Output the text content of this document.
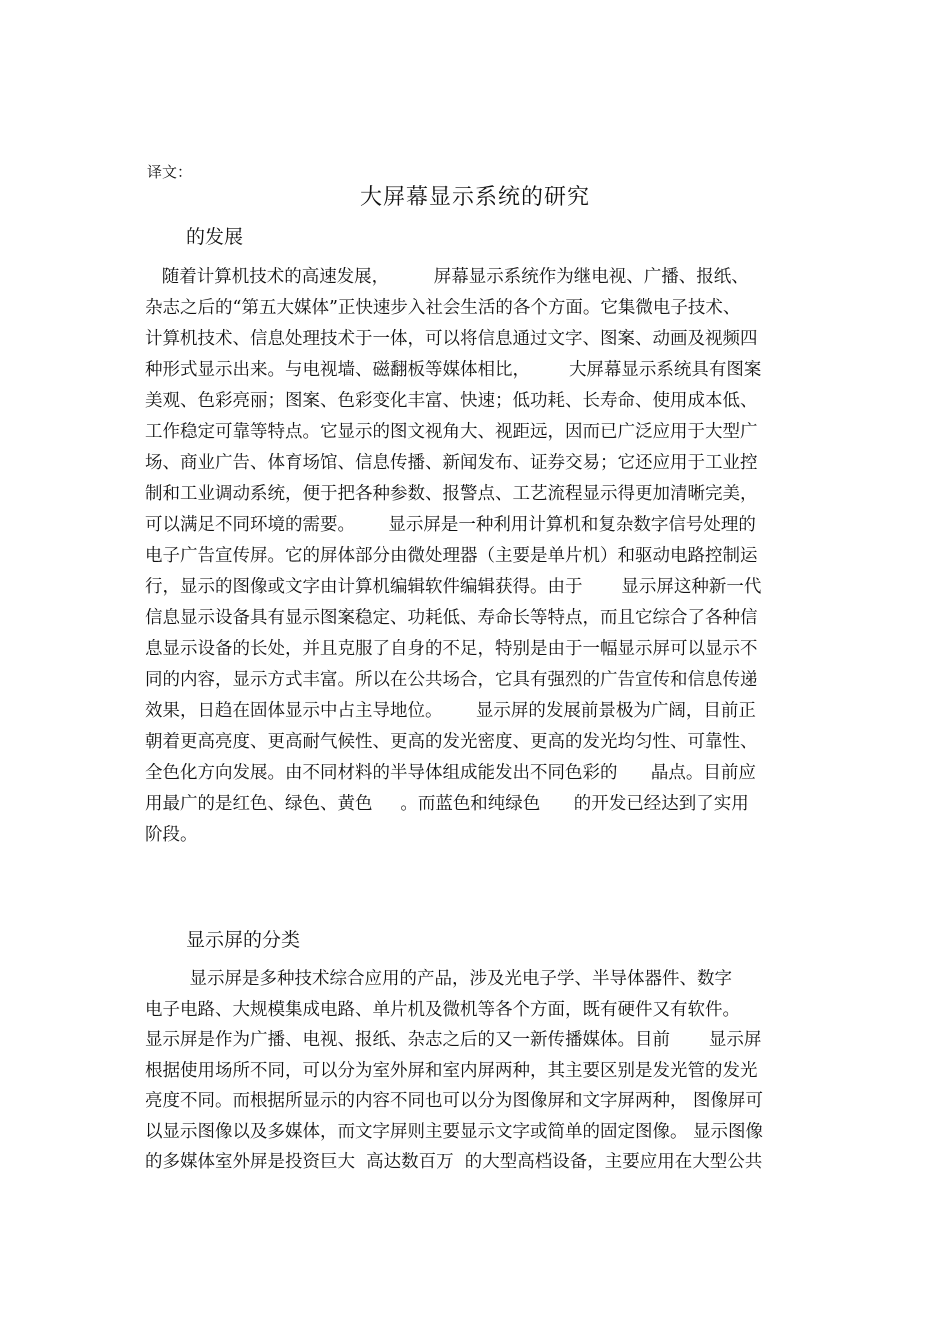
译文：
大屏幕显示系统的研究
的发展
随着计算机技术的高速发展，        屏幕显示系统作为继电视、广播、报纸、
杂志之后的“第五大媒体”正快速步入社会生活的各个方面。它集微电子技术、
计算机技术、信息处理技术于一体，可以将信息通过文字、图案、动画及视频四
种形式显示出来。与电视墙、磁翻板等媒体相比，       大屏幕显示系统具有图案
美观、色彩亮丽；图案、色彩变化丰富、快速；低功耗、长寿命、使用成本低、
工作稳定可靠等特点。它显示的图文视角大、视距远，因而已广泛应用于大型广
场、商业广告、体育场馆、信息传播、新闻发布、证券交易；它还应用于工业控
制和工业调动系统，便于把各种参数、报警点、工艺流程显示得更加清晰完美，
可以满足不同环境的需要。      显示屏是一种利用计算机和复杂数字信号处理的
电子广告宣传屏。它的屏体部分由微处理器（主要是单片机）和驱动电路控制运
行，显示的图像或文字由计算机编辑软件编辑获得。由于       显示屏这种新一代
信息显示设备具有显示图案稳定、功耗低、寿命长等特点，而且它综合了各种信
息显示设备的长处，并且克服了自身的不足，特别是由于一幅显示屏可以显示不
同的内容，显示方式丰富。所以在公共场合，它具有强烈的广告宣传和信息传递
效果，日趋在固体显示中占主导地位。      显示屏的发展前景极为广阔，目前正
朝着更高亮度、更高耐气候性、更高的发光密度、更高的发光均匀性、可靠性、
全色化方向发展。由不同材料的半导体组成能发出不同色彩的      晶点。目前应
用最广的是红色、绿色、黄色     。而蓝色和纯绿色      的开发已经达到了实用
阶段。
显示屏的分类
显示屏是多种技术综合应用的产品，涉及光电子学、半导体器件、数字
电子电路、大规模集成电路、单片机及微机等各个方面，既有硬件又有软件。
显示屏是作为广播、电视、报纸、杂志之后的又一新传播媒体。目前       显示屏
根据使用场所不同，可以分为室外屏和室内屏两种，其主要区别是发光管的发光
亮度不同。而根据所显示的内容不同也可以分为图像屏和文字屏两种， 图像屏可
以显示图像以及多媒体，而文字屏则主要显示文字或简单的固定图像。 显示图像
的多媒体室外屏是投资巨大  高达数百万  的大型高档设备，主要应用在大型公共
